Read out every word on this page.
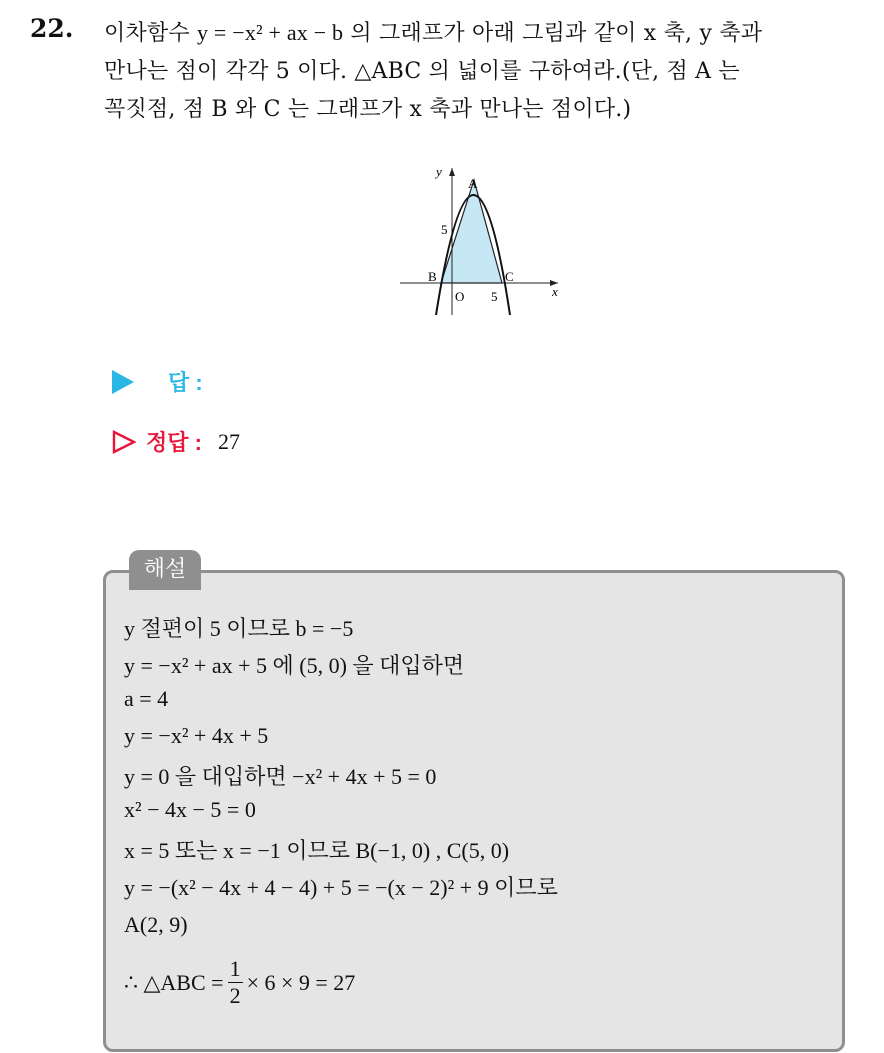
22. 이차함수 y = −x² + ax − b 의 그래프가 아래 그림과 같이 x 축, y 축과
만나는 점이 각각 5 이다. △ABC 의 넓이를 구하여라.(단, 점 A 는
꼭짓점, 점 B 와 C 는 그래프가 x 축과 만나는 점이다.)
y
A
5
B	C
O 5	x
답 :
정답 : 27
해설
y 절편이 5 이므로 b = −5
y = −x² + ax + 5 에 (5, 0) 을 대입하면
a = 4
y = −x² + 4x + 5
y = 0 을 대입하면 −x² + 4x + 5 = 0
x² − 4x − 5 = 0
x = 5 또는 x = −1 이므로 B(−1, 0) , C(5, 0)
y = −(x² − 4x + 4 − 4) + 5 = −(x − 2)² + 9 이므로
A(2, 9)
∴ △ABC = $\frac{1}{2} \times 6 \times 9 = 27$
